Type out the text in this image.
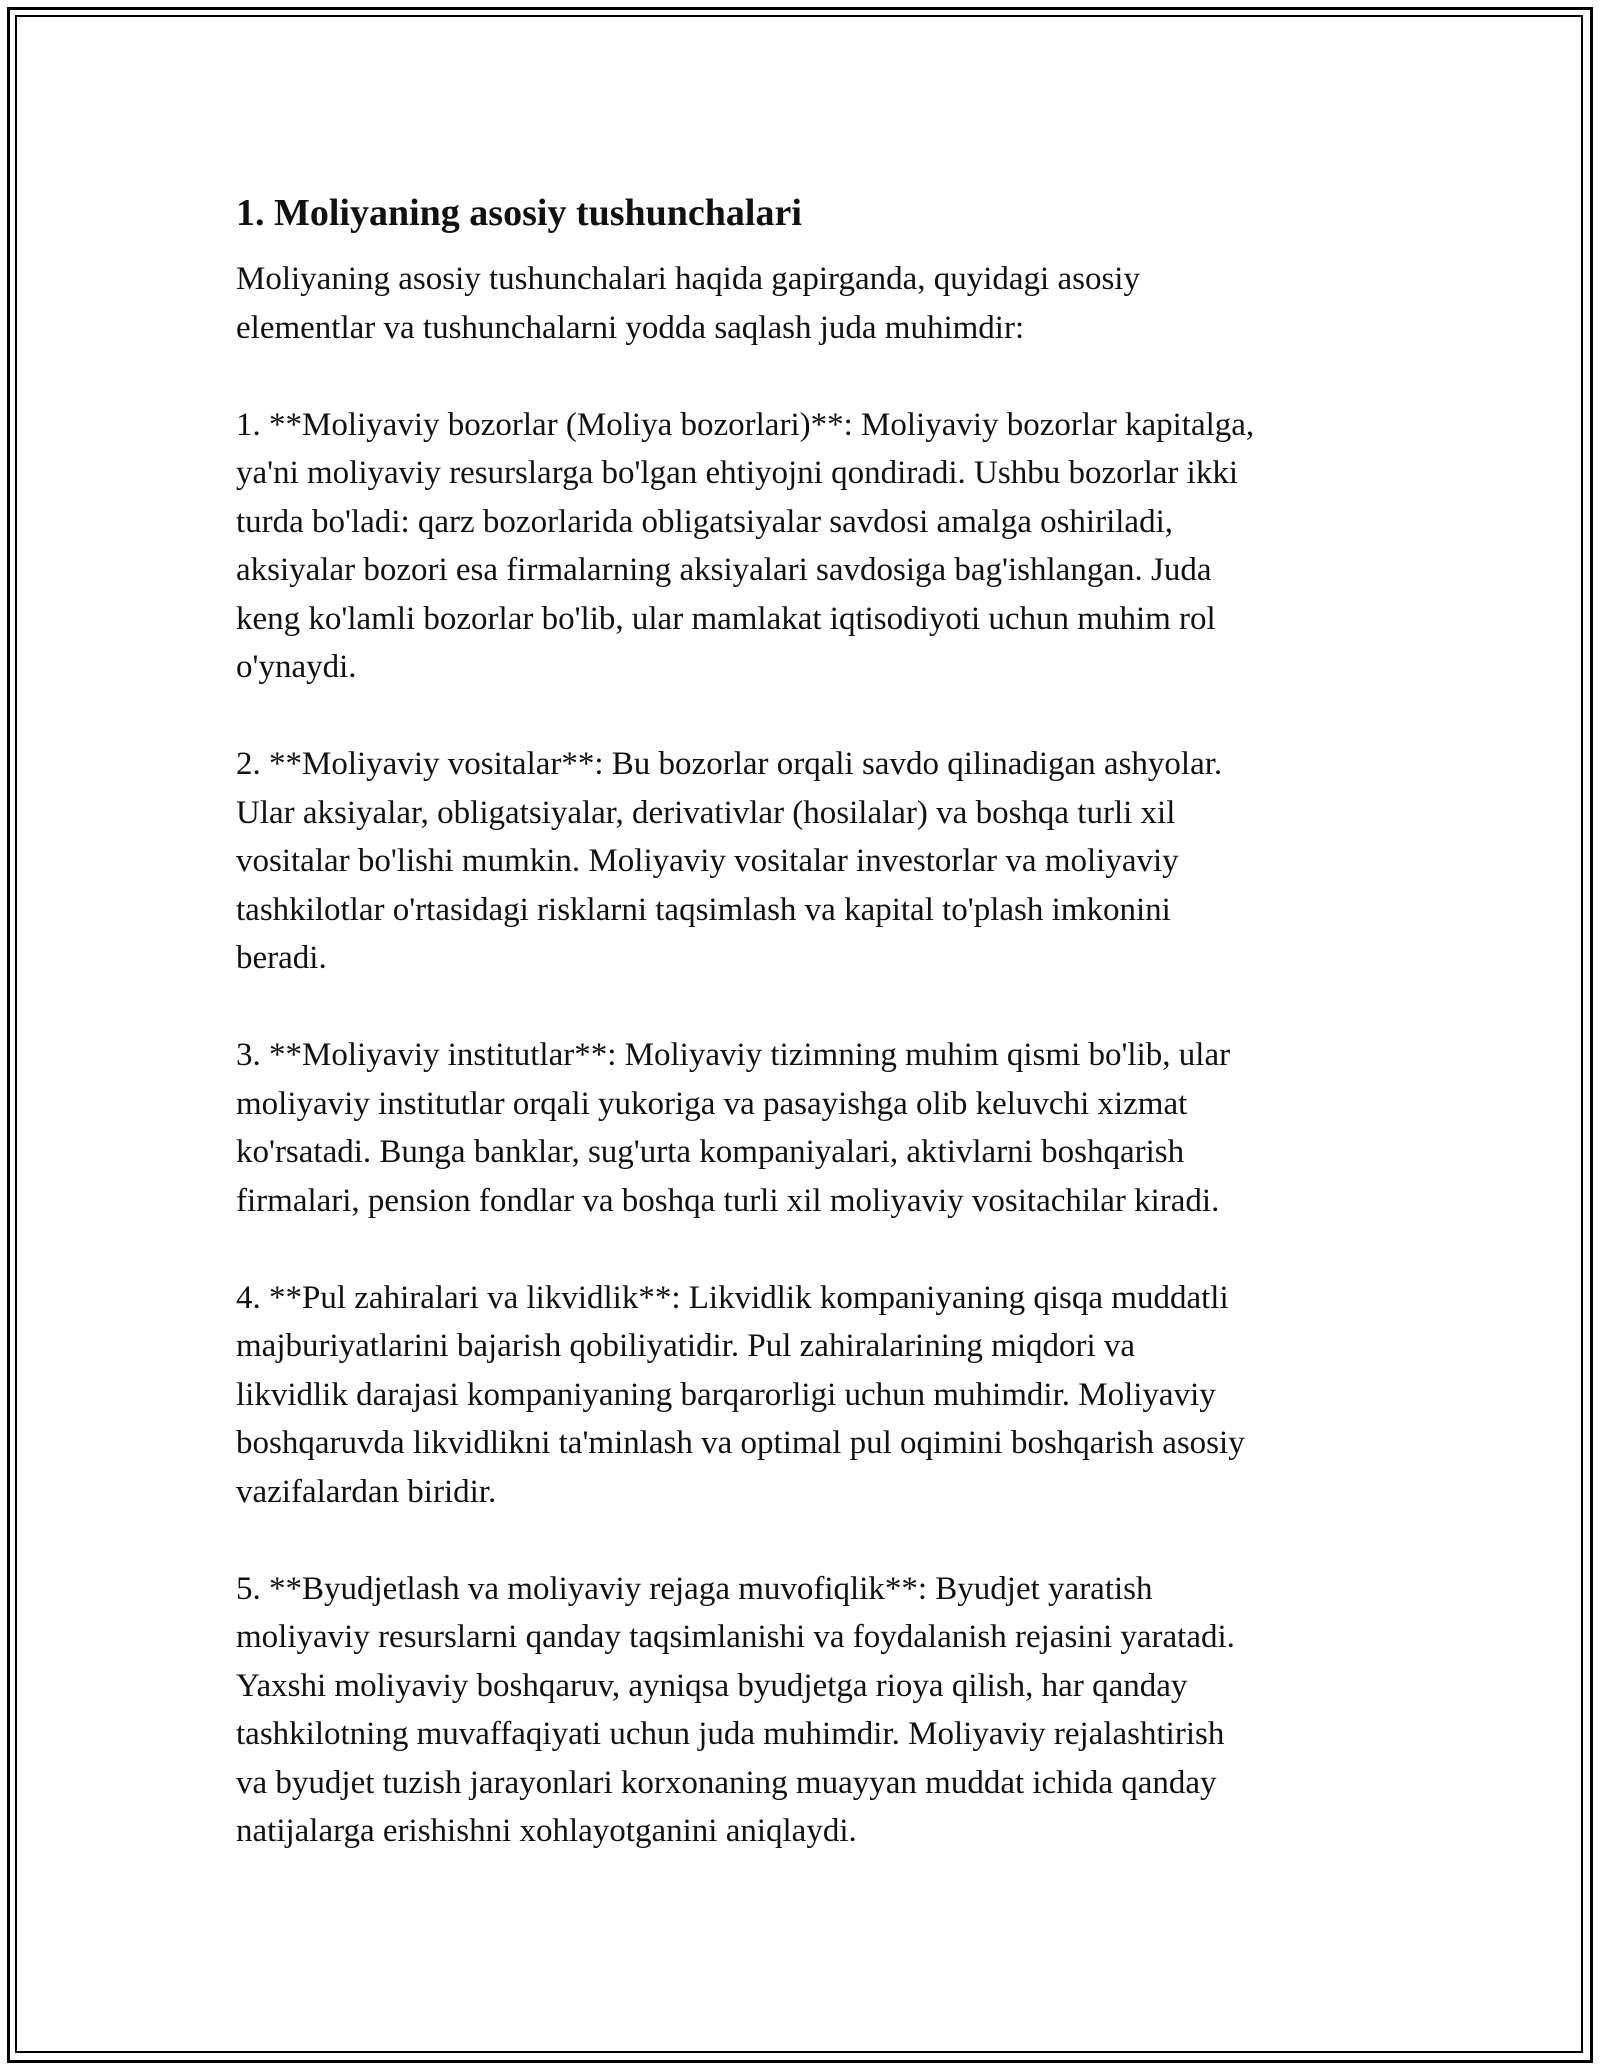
1. Moliyaning asosiy tushunchalari

Moliyaning asosiy tushunchalari haqida gapirganda, quyidagi asosiy
elementlar va tushunchalarni yodda saqlash juda muhimdir:

1. **Moliyaviy bozorlar (Moliya bozorlari)**: Moliyaviy bozorlar kapitalga,
ya'ni moliyaviy resurslarga bo'lgan ehtiyojni qondiradi. Ushbu bozorlar ikki
turda bo'ladi: qarz bozorlarida obligatsiyalar savdosi amalga oshiriladi,
aksiyalar bozori esa firmalarning aksiyalari savdosiga bag'ishlangan. Juda
keng ko'lamli bozorlar bo'lib, ular mamlakat iqtisodiyoti uchun muhim rol
o'ynaydi.

2. **Moliyaviy vositalar**: Bu bozorlar orqali savdo qilinadigan ashyolar.
Ular aksiyalar, obligatsiyalar, derivativlar (hosilalar) va boshqa turli xil
vositalar bo'lishi mumkin. Moliyaviy vositalar investorlar va moliyaviy
tashkilotlar o'rtasidagi risklarni taqsimlash va kapital to'plash imkonini
beradi.

3. **Moliyaviy institutlar**: Moliyaviy tizimning muhim qismi bo'lib, ular
moliyaviy institutlar orqali yukoriga va pasayishga olib keluvchi xizmat
ko'rsatadi. Bunga banklar, sug'urta kompaniyalari, aktivlarni boshqarish
firmalari, pension fondlar va boshqa turli xil moliyaviy vositachilar kiradi.

4. **Pul zahiralari va likvidlik**: Likvidlik kompaniyaning qisqa muddatli
majburiyatlarini bajarish qobiliyatidir. Pul zahiralarining miqdori va
likvidlik darajasi kompaniyaning barqarorligi uchun muhimdir. Moliyaviy
boshqaruvda likvidlikni ta'minlash va optimal pul oqimini boshqarish asosiy
vazifalardan biridir.

5. **Byudjetlash va moliyaviy rejaga muvofiqlik**: Byudjet yaratish
moliyaviy resurslarni qanday taqsimlanishi va foydalanish rejasini yaratadi.
Yaxshi moliyaviy boshqaruv, ayniqsa byudjetga rioya qilish, har qanday
tashkilotning muvaffaqiyati uchun juda muhimdir. Moliyaviy rejalashtirish
va byudjet tuzish jarayonlari korxonaning muayyan muddat ichida qanday
natijalarga erishishni xohlayotganini aniqlaydi.
